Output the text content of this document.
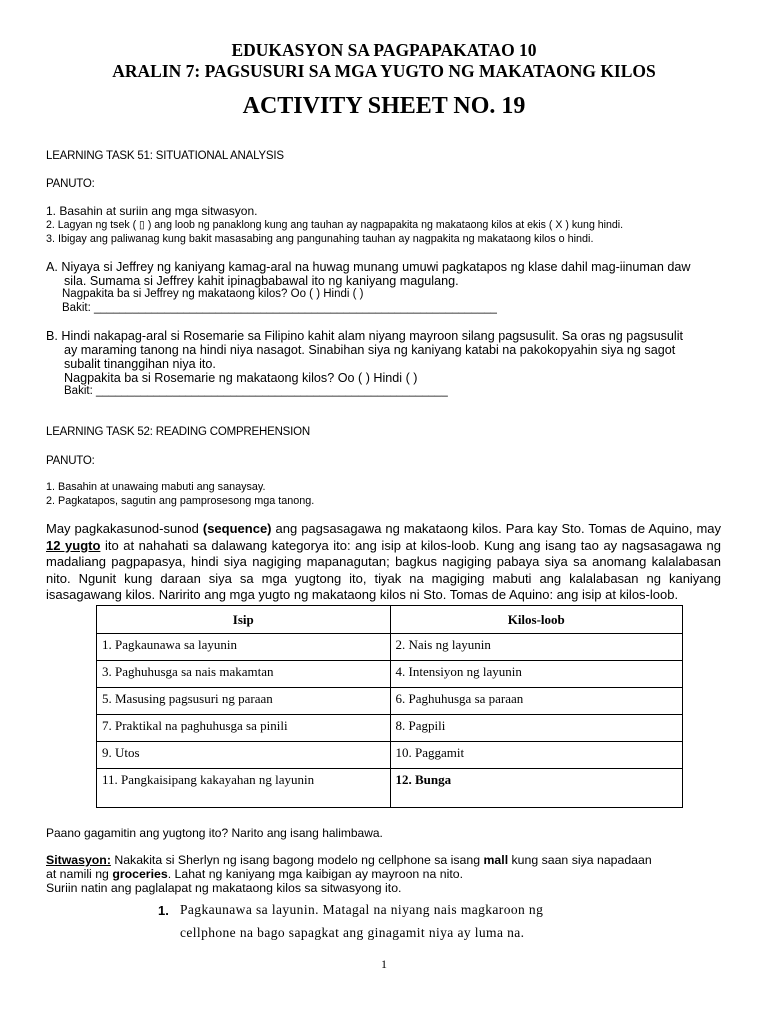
EDUKASYON SA PAGPAPAKATAO 10
ARALIN 7: PAGSUSURI SA MGA YUGTO NG MAKATAONG KILOS
ACTIVITY SHEET NO. 19
LEARNING TASK 51: SITUATIONAL ANALYSIS
PANUTO:
1. Basahin at suriin ang mga sitwasyon.
2. Lagyan ng tsek ( ▯ ) ang loob ng panaklong kung ang tauhan ay nagpapakita ng makataong kilos at ekis ( X ) kung hindi.
3. Ibigay ang paliwanag kung bakit masasabing ang pangunahing tauhan ay nagpakita ng makataong kilos o hindi.
A. Niyaya si Jeffrey ng kaniyang kamag-aral na huwag munang umuwi pagkatapos ng klase dahil mag-iinuman daw
sila. Sumama si Jeffrey kahit ipinagbabawal ito ng kaniyang magulang.
Nagpakita ba si Jeffrey ng makataong kilos? Oo ( ) Hindi ( )
Bakit: _______________________________________________________________
B. Hindi nakapag-aral si Rosemarie sa Filipino kahit alam niyang mayroon silang pagsusulit. Sa oras ng pagsusulit
ay maraming tanong na hindi niya nasagot. Sinabihan siya ng kaniyang katabi na pakokopyahin siya ng sagot
subalit tinanggihan niya ito.
Nagpakita ba si Rosemarie ng makataong kilos? Oo ( ) Hindi ( )
Bakit: _______________________________________________________
LEARNING TASK 52: READING COMPREHENSION
PANUTO:
1. Basahin at unawaing mabuti ang sanaysay.
2. Pagkatapos, sagutin ang pamprosesong mga tanong.
May pagkakasunod-sunod (sequence) ang pagsasagawa ng makataong kilos. Para kay Sto. Tomas de Aquino, may
12 yugto ito at nahahati sa dalawang kategorya ito: ang isip at kilos-loob. Kung ang isang tao ay nagsasagawa ng
madaliang pagpapasya, hindi siya nagiging mapanagutan; bagkus nagiging pabaya siya sa anomang kalalabasan
nito. Ngunit kung daraan siya sa mga yugtong ito, tiyak na magiging mabuti ang kalalabasan ng kaniyang
isasagawang kilos. Naririto ang mga yugto ng makataong kilos ni Sto. Tomas de Aquino: ang isip at kilos-loob.
Isip	Kilos-loob
1. Pagkaunawa sa layunin	2. Nais ng layunin
3. Paghuhusga sa nais makamtan	4. Intensiyon ng layunin
5. Masusing pagsusuri ng paraan	6. Paghuhusga sa paraan
7. Praktikal na paghuhusga sa pinili	8. Pagpili
9. Utos	10. Paggamit
11. Pangkaisipang kakayahan ng layunin	12. Bunga
Paano gagamitin ang yugtong ito? Narito ang isang halimbawa.
Sitwasyon: Nakakita si Sherlyn ng isang bagong modelo ng cellphone sa isang mall kung saan siya napadaan
at namili ng groceries. Lahat ng kaniyang mga kaibigan ay mayroon na nito.
Suriin natin ang paglalapat ng makataong kilos sa sitwasyong ito.
1. Pagkaunawa sa layunin. Matagal na niyang nais magkaroon ng
cellphone na bago sapagkat ang ginagamit niya ay luma na.
1
